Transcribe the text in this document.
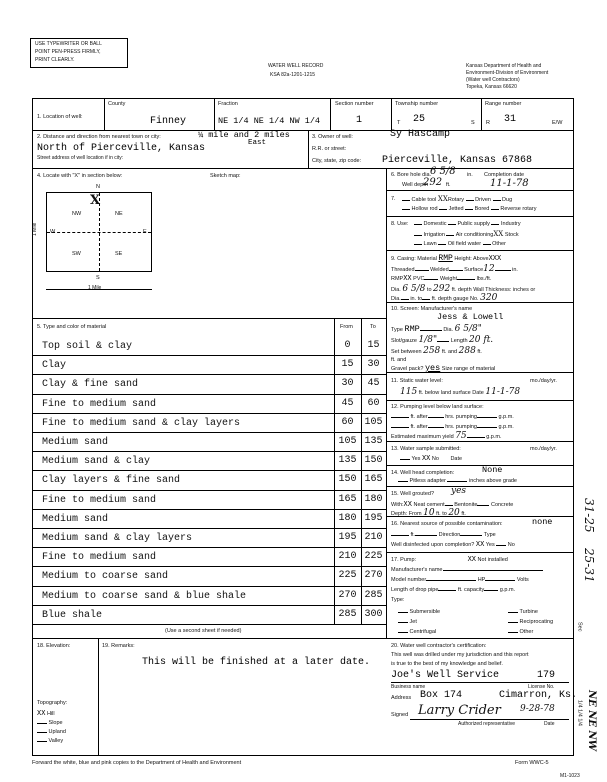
USE TYPEWRITER OR BALL
POINT PEN-PRESS FIRMLY,
PRINT CLEARLY.
WATER WELL RECORD
KSA 82a-1201-1215
Kansas Department of Health and
Environment-Division of Environment
(Water well Contractors)
Topeka, Kansas 66620
1. Location of well:
County
Finney
Fraction
NE 1/4 NE 1/4 NW 1/4
Section number
1
Township number
T 25	S
Range number
R 31	E/W
2. Distance and direction from nearest town or city:	¼ mile and 2 miles
East
North of Pierceville, Kansas
Street address of well location if in city:
3. Owner of well:	Sy Hascamp
R.R. or street:
City, state, zip code: Pierceville, Kansas 67868
4. Locate with "X" in section below:	Sketch map:
N
S
W	E
NW	NE
SW	SE
X
1 Mile
1 Mile
5. Type and color of material	From	To
Top soil & clay	0	15
Clay	15	30
Clay & fine sand	30	45
Fine to medium sand	45	60
Fine to medium sand & clay layers	60	105
Medium sand	105 135
Medium sand & clay	135 150
Clay layers & fine sand	150 165
Fine to medium sand	165 180
Medium sand	180 195
Medium sand & clay layers	195 210
Fine to medium sand	210 225
Medium to coarse sand	225 270
Medium to coarse sand & blue shale	270 285
Blue shale	285 300
(Use a second sheet if needed)
6. Bore hole dia.
6 5/8 in. Completion date
Well depth
292 ft.	11-1-78
7.	Cable tool XXRotary Driven Dug
Hollow rod Jetted Bored Reverse rotary
8. Use:	Domestic Public supply Industry
Irrigation Air conditioningXX Stock
Lawn Oil field water Other
9. Casing: Material RMP Height: AboveXXX
Threaded	Welded	Surface12	in.
RMPXX PVC	Weight	lbs./ft.
Dia. 6 5/8 to 292 ft. depth Wall Thickness: inches or
Dia. in. to ft. depth gauge No. 320
10. Screen: Manufacturer's name
Jess & Lowell
Type RMP	Dia. 6 5/8"
Slot/gauze 1/8" Length 20 ft.
Set between 258 ft. and 288 ft.
ft. and
Gravel pack? yes Size range of material
11. Static water level:	mo./day/yr.
115 ft. below land surface Date 11-1-78
12. Pumping level below land surface:
ft. after	hrs. pumping	g.p.m.
ft. after	hrs. pumping	g.p.m.
Estimated maximum yield 75	g.p.m.
13. Water sample submitted:	mo./day/yr.
Yes XX No Date
14. Well head completion:	None
Pitless adapter	inches above grade
15. Well grouted? yes
With:XX Neat cement Bentonite Concrete
Depth: From 10 ft. to 20 ft.
16. Nearest source of possible contamination:	none
ft.	Direction	Type
Well disinfected upon completion? XX Yes No
17. Pump:	XX Not installed
Manufacturer's name
Model number	HP	Volts
Length of drop pipe	ft. capacity	g.p.m.
Type:
Submersible
Jet
Centrifugal
Turbine
Reciprocating
Other
18. Elevation:
Topography:
XX Hill
Slope
Upland
Valley
19. Remarks:
This will be finished at a later date.
20. Water well contractor's certification:
This well was drilled under my jurisdiction and this report
is true to the best of my knowledge and belief.
Joe's Well Service	179
Business name	License No.
Address Box 174	Cimarron, Ks.
Signed Larry Crider 9-28-78
Authorized representative	Date
Forward the white, blue and pink copies to the Department of Health and Environment	Form WWC-5
M1-1023
31-25
25-31
NE NE NW
1/4 1/4 1/4
Sec
